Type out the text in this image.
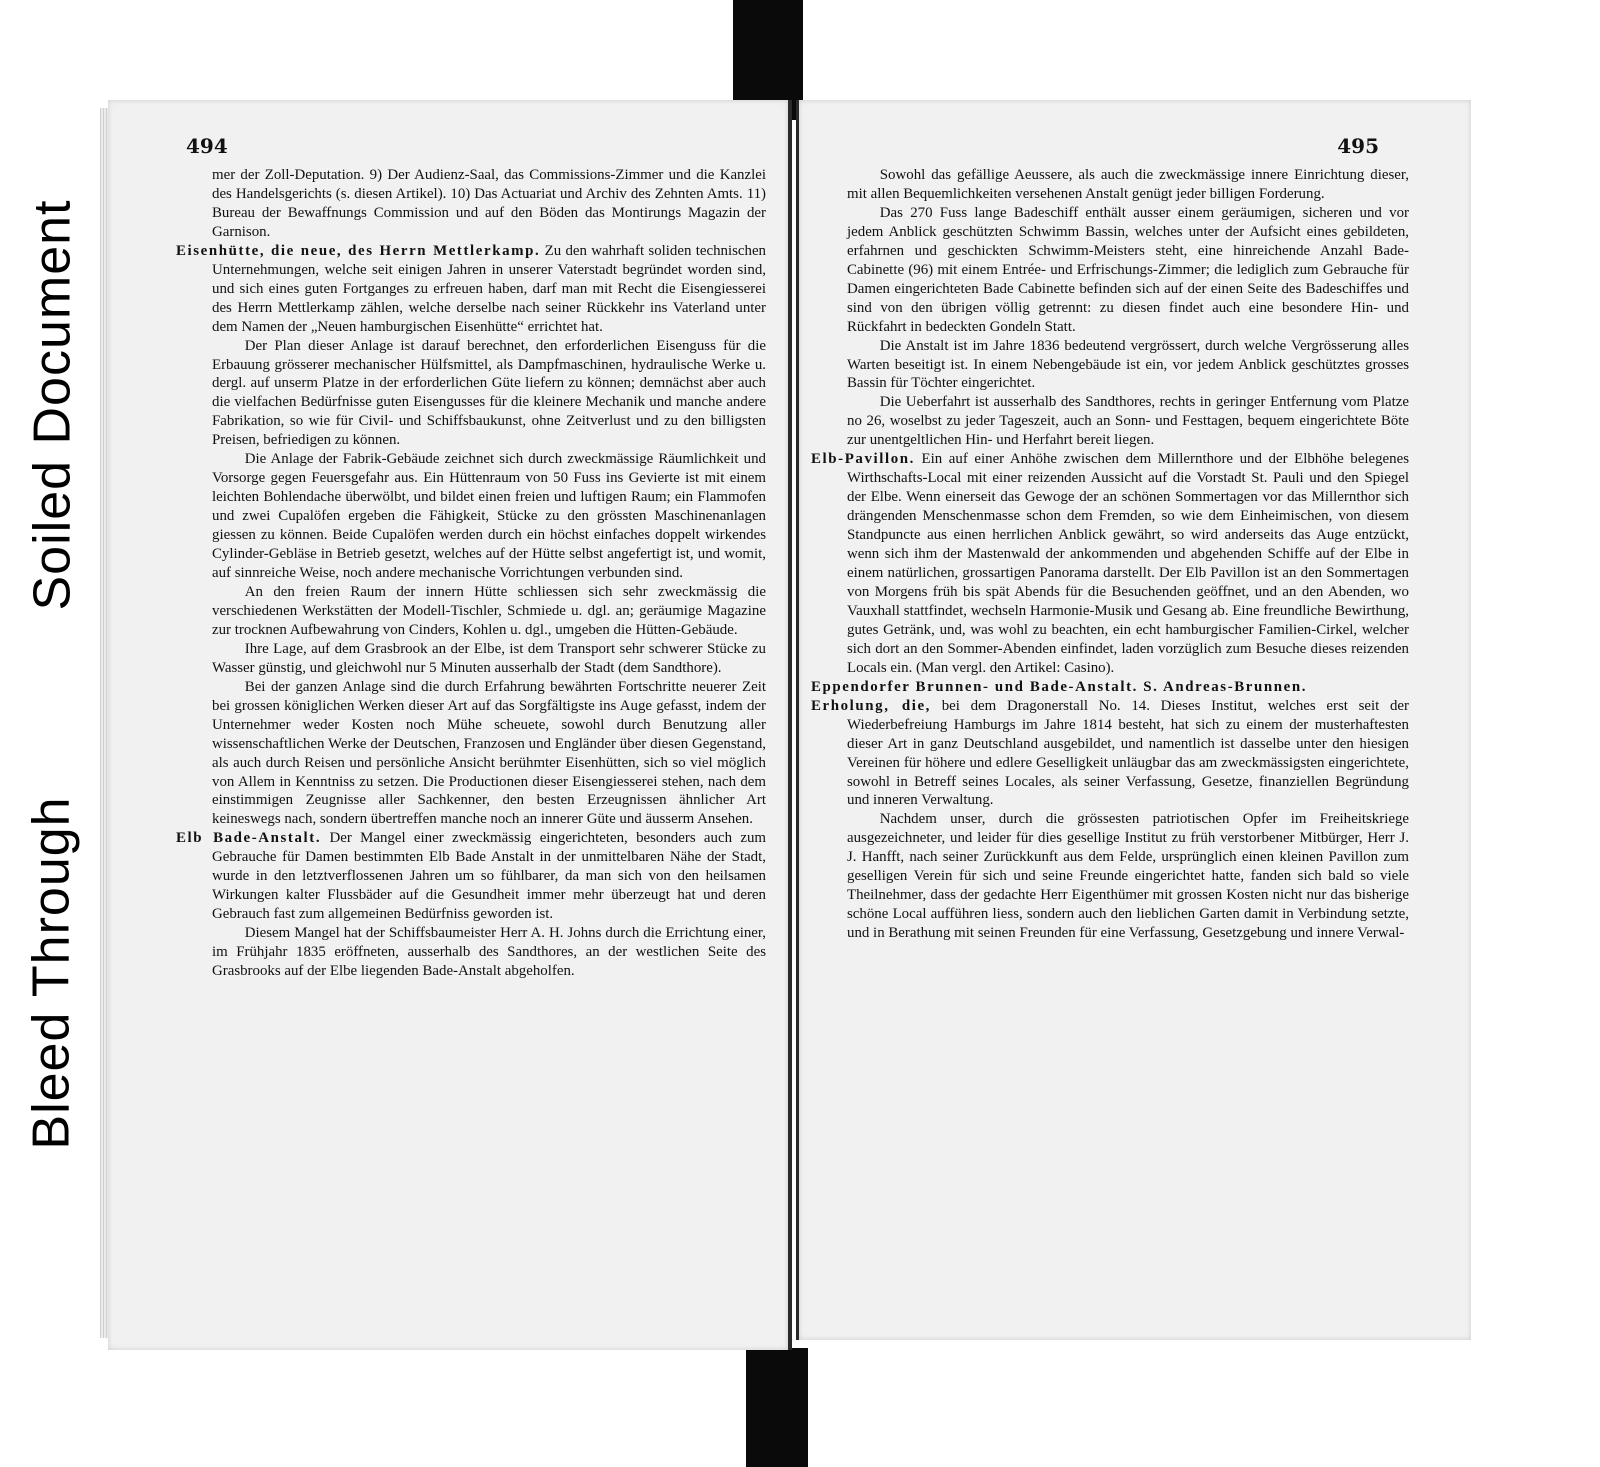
Soiled Document
Bleed Through
494

mer der Zoll-Deputation. 9) Der Audienz-Saal, das Commissions-Zimmer und die Kanzlei des Handelsgerichts (s. diesen Artikel). 10) Das Actuariat und Archiv des Zehnten Amts. 11) Bureau der Bewaffnungs Commission und auf den Böden das Montirungs Magazin der Garnison.

Eisenhütte, die neue, des Herrn Mettlerkamp. Zu den wahrhaft soliden technischen Unternehmungen, welche seit einigen Jahren in unserer Vaterstadt begründet worden sind, und sich eines guten Fortganges zu erfreuen haben, darf man mit Recht die Eisengiesserei des Herrn Mettlerkamp zählen, welche derselbe nach seiner Rückkehr ins Vaterland unter dem Namen der „Neuen hamburgischen Eisenhütte“ errichtet hat.

Der Plan dieser Anlage ist darauf berechnet, den erforderlichen Eisenguss für die Erbauung grösserer mechanischer Hülfsmittel, als Dampfmaschinen, hydraulische Werke u. dergl. auf unserm Platze in der erforderlichen Güte liefern zu können; demnächst aber auch die vielfachen Bedürfnisse guten Eisengusses für die kleinere Mechanik und manche andere Fabrikation, so wie für Civil- und Schiffsbaukunst, ohne Zeitverlust und zu den billigsten Preisen, befriedigen zu können.

Die Anlage der Fabrik-Gebäude zeichnet sich durch zweckmässige Räumlichkeit und Vorsorge gegen Feuersgefahr aus. Ein Hüttenraum von 50 Fuss ins Gevierte ist mit einem leichten Bohlendache überwölbt, und bildet einen freien und luftigen Raum; ein Flammofen und zwei Cupalöfen ergeben die Fähigkeit, Stücke zu den grössten Maschinenanlagen giessen zu können. Beide Cupalöfen werden durch ein höchst einfaches doppelt wirkendes Cylinder-Gebläse in Betrieb gesetzt, welches auf der Hütte selbst angefertigt ist, und womit, auf sinnreiche Weise, noch andere mechanische Vorrichtungen verbunden sind.

An den freien Raum der innern Hütte schliessen sich sehr zweckmässig die verschiedenen Werkstätten der Modell-Tischler, Schmiede u. dgl. an; geräumige Magazine zur trocknen Aufbewahrung von Cinders, Kohlen u. dgl., umgeben die Hütten-Gebäude.

Ihre Lage, auf dem Grasbrook an der Elbe, ist dem Transport sehr schwerer Stücke zu Wasser günstig, und gleichwohl nur 5 Minuten ausserhalb der Stadt (dem Sandthore).

Bei der ganzen Anlage sind die durch Erfahrung bewährten Fortschritte neuerer Zeit bei grossen königlichen Werken dieser Art auf das Sorgfältigste ins Auge gefasst, indem der Unternehmer weder Kosten noch Mühe scheuete, sowohl durch Benutzung aller wissenschaftlichen Werke der Deutschen, Franzosen und Engländer über diesen Gegenstand, als auch durch Reisen und persönliche Ansicht berühmter Eisenhütten, sich so viel möglich von Allem in Kenntniss zu setzen. Die Productionen dieser Eisengiesserei stehen, nach dem einstimmigen Zeugnisse aller Sachkenner, den besten Erzeugnissen ähnlicher Art keineswegs nach, sondern übertreffen manche noch an innerer Güte und äusserm Ansehen.

Elb Bade-Anstalt. Der Mangel einer zweckmässig eingerichteten, besonders auch zum Gebrauche für Damen bestimmten Elb Bade Anstalt in der unmittelbaren Nähe der Stadt, wurde in den letztverflossenen Jahren um so fühlbarer, da man sich von den heilsamen Wirkungen kalter Flussbäder auf die Gesundheit immer mehr überzeugt hat und deren Gebrauch fast zum allgemeinen Bedürfniss geworden ist.

Diesem Mangel hat der Schiffsbaumeister Herr A. H. Johns durch die Errichtung einer, im Frühjahr 1835 eröffneten, ausserhalb des Sandthores, an der westlichen Seite des Grasbrooks auf der Elbe liegenden Bade-Anstalt abgeholfen.

495

Sowohl das gefällige Aeussere, als auch die zweckmässige innere Einrichtung dieser, mit allen Bequemlichkeiten versehenen Anstalt genügt jeder billigen Forderung.

Das 270 Fuss lange Badeschiff enthält ausser einem geräumigen, sicheren und vor jedem Anblick geschützten Schwimm Bassin, welches unter der Aufsicht eines gebildeten, erfahrnen und geschickten Schwimm-Meisters steht, eine hinreichende Anzahl Bade-Cabinette (96) mit einem Entrée- und Erfrischungs-Zimmer; die lediglich zum Gebrauche für Damen eingerichteten Bade Cabinette befinden sich auf der einen Seite des Badeschiffes und sind von den übrigen völlig getrennt: zu diesen findet auch eine besondere Hin- und Rückfahrt in bedeckten Gondeln Statt.

Die Anstalt ist im Jahre 1836 bedeutend vergrössert, durch welche Vergrösserung alles Warten beseitigt ist. In einem Nebengebäude ist ein, vor jedem Anblick geschütztes grosses Bassin für Töchter eingerichtet.

Die Ueberfahrt ist ausserhalb des Sandthores, rechts in geringer Entfernung vom Platze no 26, woselbst zu jeder Tageszeit, auch an Sonn- und Festtagen, bequem eingerichtete Böte zur unentgeltlichen Hin- und Herfahrt bereit liegen.

Elb-Pavillon. Ein auf einer Anhöhe zwischen dem Millernthore und der Elbhöhe belegenes Wirthschafts-Local mit einer reizenden Aussicht auf die Vorstadt St. Pauli und den Spiegel der Elbe. Wenn einerseit das Gewoge der an schönen Sommertagen vor das Millernthor sich drängenden Menschenmasse schon dem Fremden, so wie dem Einheimischen, von diesem Standpuncte aus einen herrlichen Anblick gewährt, so wird anderseits das Auge entzückt, wenn sich ihm der Mastenwald der ankommenden und abgehenden Schiffe auf der Elbe in einem natürlichen, grossartigen Panorama darstellt. Der Elb Pavillon ist an den Sommertagen von Morgens früh bis spät Abends für die Besuchenden geöffnet, und an den Abenden, wo Vauxhall stattfindet, wechseln Harmonie-Musik und Gesang ab. Eine freundliche Bewirthung, gutes Getränk, und, was wohl zu beachten, ein echt hamburgischer Familien-Cirkel, welcher sich dort an den Sommer-Abenden einfindet, laden vorzüglich zum Besuche dieses reizenden Locals ein. (Man vergl. den Artikel: Casino).

Eppendorfer Brunnen- und Bade-Anstalt. S. Andreas-Brunnen.

Erholung, die, bei dem Dragonerstall No. 14. Dieses Institut, welches erst seit der Wiederbefreiung Hamburgs im Jahre 1814 besteht, hat sich zu einem der musterhaftesten dieser Art in ganz Deutschland ausgebildet, und namentlich ist dasselbe unter den hiesigen Vereinen für höhere und edlere Geselligkeit unläugbar das am zweckmässigsten eingerichtete, sowohl in Betreff seines Locales, als seiner Verfassung, Gesetze, finanziellen Begründung und inneren Verwaltung.

Nachdem unser, durch die grössesten patriotischen Opfer im Freiheitskriege ausgezeichneter, und leider für dies gesellige Institut zu früh verstorbener Mitbürger, Herr J. J. Hanfft, nach seiner Zurückkunft aus dem Felde, ursprünglich einen kleinen Pavillon zum geselligen Verein für sich und seine Freunde eingerichtet hatte, fanden sich bald so viele Theilnehmer, dass der gedachte Herr Eigenthümer mit grossen Kosten nicht nur das bisherige schöne Local aufführen liess, sondern auch den lieblichen Garten damit in Verbindung setzte, und in Berathung mit seinen Freunden für eine Verfassung, Gesetzgebung und innere Verwal-
